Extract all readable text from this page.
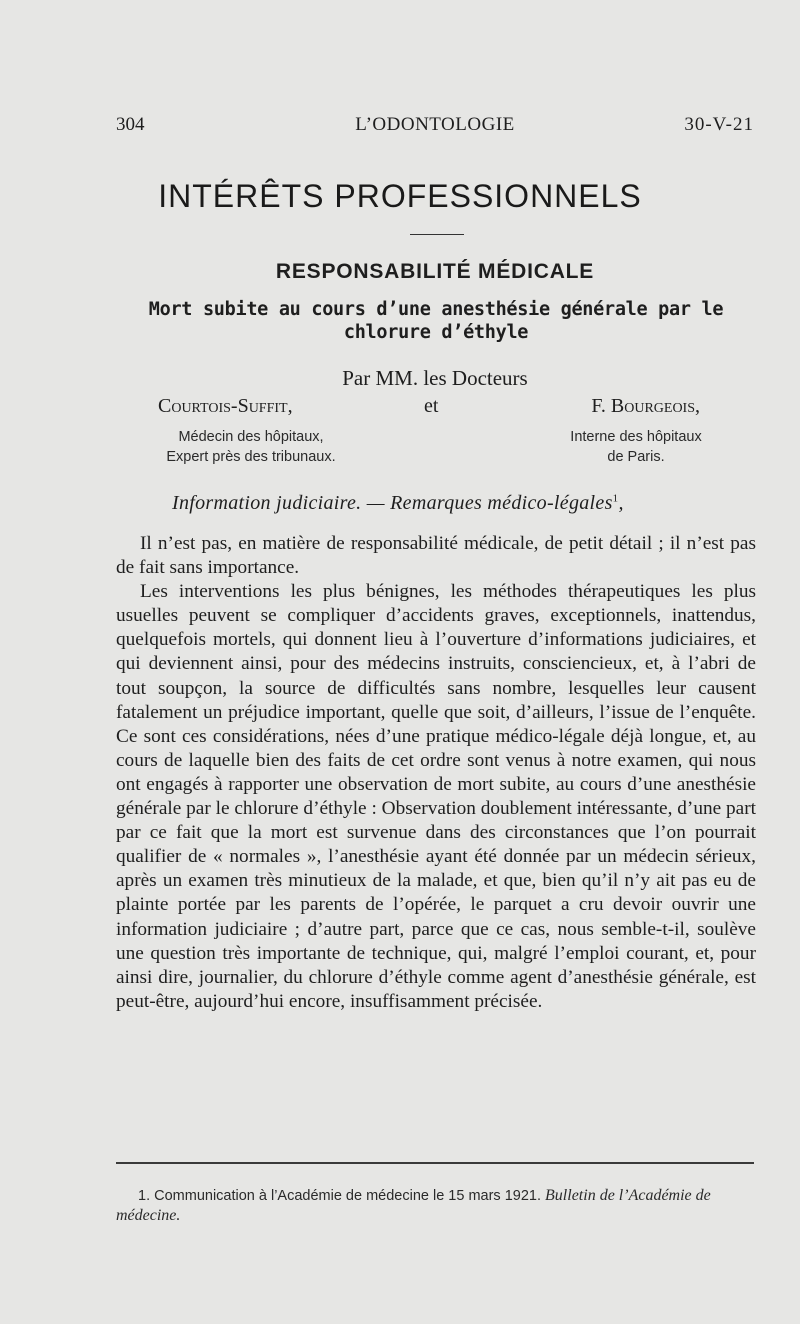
304	L’ODONTOLOGIE	30-V-21
INTÉRÊTS PROFESSIONNELS
RESPONSABILITÉ MÉDICALE
Mort subite au cours d’une anesthésie générale par le chlorure d’éthyle
Par MM. les Docteurs
Courtois-Suffit,	et	F. Bourgeois,
Médecin des hôpitaux,
Expert près des tribunaux.
Interne des hôpitaux
de Paris.
Information judiciaire. — Remarques médico-légales$^1$,

Il n’est pas, en matière de responsabilité médicale, de petit détail ; il n’est pas de fait sans importance.

Les interventions les plus bénignes, les méthodes thérapeutiques les plus usuelles peuvent se compliquer d’accidents graves, exceptionnels, inattendus, quelquefois mortels, qui donnent lieu à l’ouverture d’informations judiciaires, et qui deviennent ainsi, pour des médecins instruits, consciencieux, et, à l’abri de tout soupçon, la source de difficultés sans nombre, lesquelles leur causent fatalement un préjudice important, quelle que soit, d’ailleurs, l’issue de l’enquête. Ce sont ces considérations, nées d’une pratique médico-légale déjà longue, et, au cours de laquelle bien des faits de cet ordre sont venus à notre examen, qui nous ont engagés à rapporter une observation de mort subite, au cours d’une anesthésie générale par le chlorure d’éthyle : Observation doublement intéressante, d’une part par ce fait que la mort est survenue dans des circonstances que l’on pourrait qualifier de « normales », l’anesthésie ayant été donnée par un médecin sérieux, après un examen très minutieux de la malade, et que, bien qu’il n’y ait pas eu de plainte portée par les parents de l’opérée, le parquet a cru devoir ouvrir une information judiciaire ; d’autre part, parce que ce cas, nous semble-t-il, soulève une question très importante de technique, qui, malgré l’emploi courant, et, pour ainsi dire, journalier, du chlorure d’éthyle comme agent d’anesthésie générale, est peut-être, aujourd’hui encore, insuffisamment précisée.

1. Communication à l’Académie de médecine le 15 mars 1921. Bulletin de l’Académie de médecine.
